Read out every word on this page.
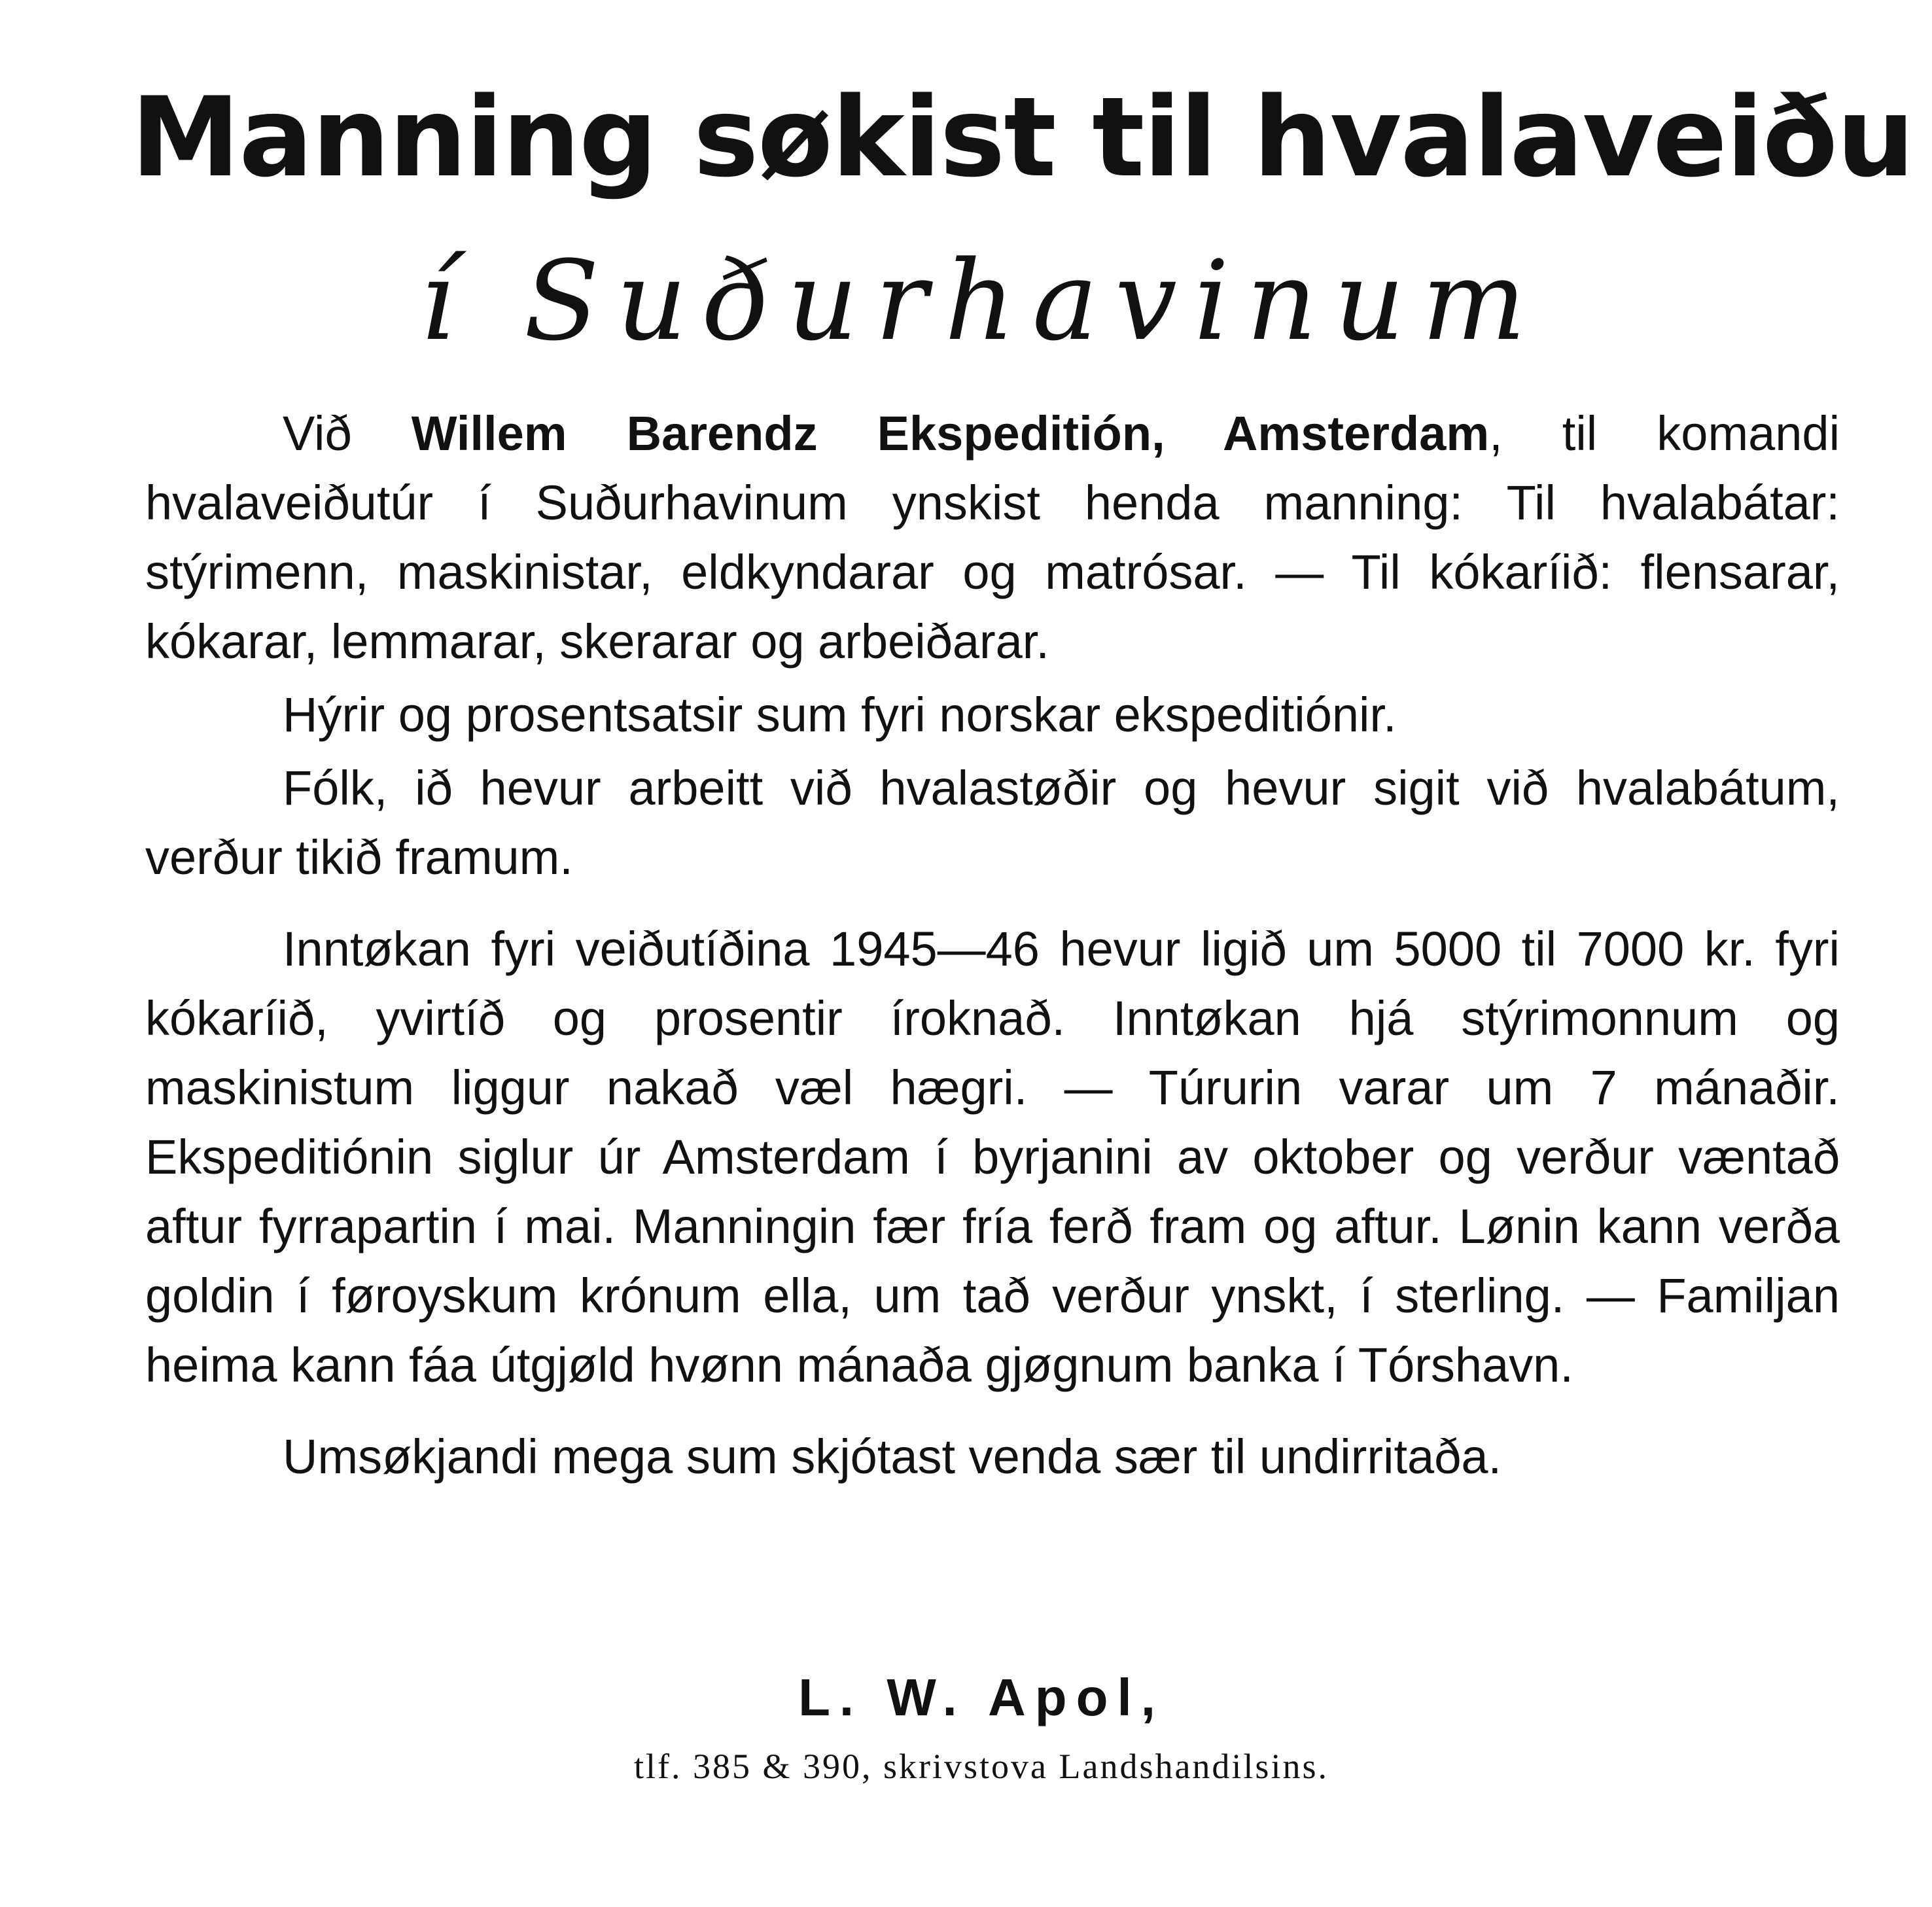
Manning søkist til hvalaveiðu
í Suðurhavinum

Við Willem Barendz Ekspeditión, Amsterdam, til komandi hvalaveiðutúr í Suðurhavinum ynskist henda manning: Til hvalabátar: stýrimenn, maskinistar, eldkyndarar og matrósar. — Til kókaríið: flensarar, kókarar, lemmarar, skerarar og arbeiðarar.

Hýrir og prosentsatsir sum fyri norskar ekspeditiónir.

Fólk, ið hevur arbeitt við hvalastøðir og hevur sigit við hvalabátum, verður tikið framum.

Inntøkan fyri veiðutíðina 1945—46 hevur ligið um 5000 til 7000 kr. fyri kókaríið, yvirtíð og prosentir íroknað. Inntøkan hjá stýrimonnum og maskinistum liggur nakað væl hægri. — Túrurin varar um 7 mánaðir. Ekspeditiónin siglur úr Amsterdam í byrjanini av oktober og verður væntað aftur fyrrapartin í mai. Manningin fær fría ferð fram og aftur. Lønin kann verða goldin í føroyskum krónum ella, um tað verður ynskt, í sterling. — Familjan heima kann fáa útgjøld hvønn mánaða gjøgnum banka í Tórshavn.

Umsøkjandi mega sum skjótast venda sær til undirritaða.

L. W. Apol,
tlf. 385 & 390, skrivstova Landshandilsins.
